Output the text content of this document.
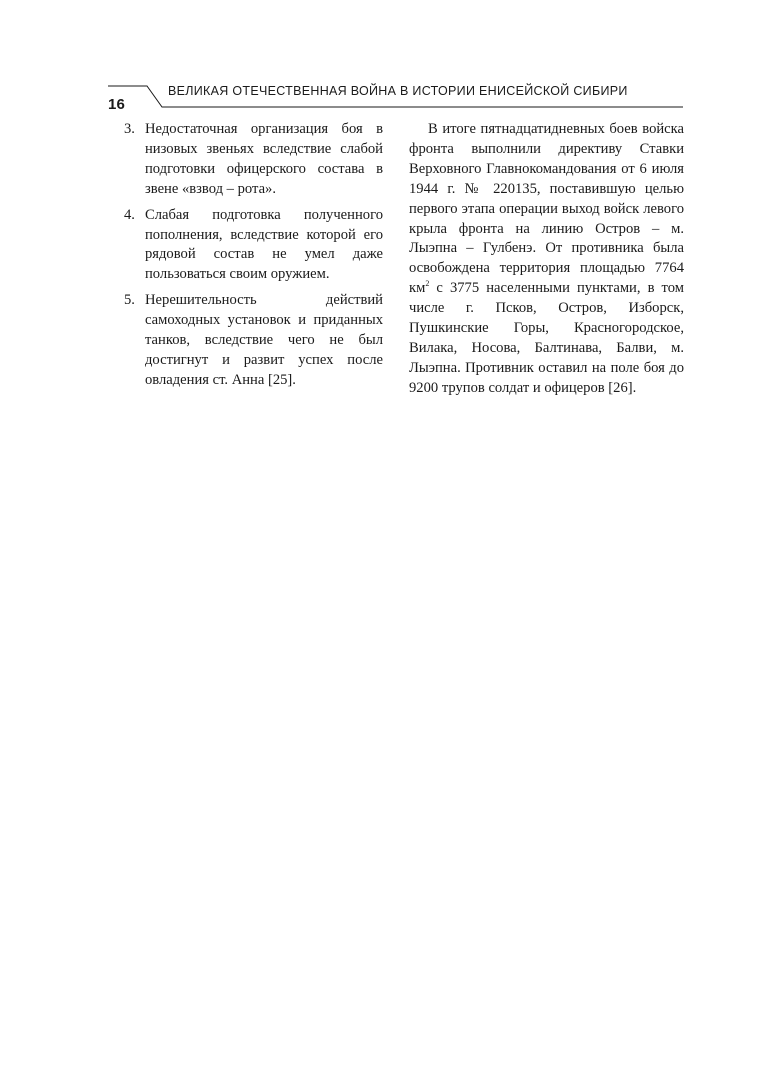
16
ВЕЛИКАЯ ОТЕЧЕСТВЕННАЯ ВОЙНА В ИСТОРИИ ЕНИСЕЙСКОЙ СИБИРИ

3. Недостаточная организация боя в низовых звеньях вследствие слабой подготовки офицерского состава в звене «взвод – рота».

4. Слабая подготовка полученного пополнения, вследствие которой его рядовой состав не умел даже пользоваться своим оружием.

5. Нерешительность действий самоходных установок и приданных танков, вследствие чего не был достигнут и развит успех после овладения ст. Анна [25].

В итоге пятнадцатидневных боев войска фронта выполнили директиву Ставки Верховного Главнокомандования от 6 июля 1944 г. № 220135, поставившую целью первого этапа операции выход войск левого крыла фронта на линию Остров – м. Лыэпна – Гулбенэ. От противника была освобождена территория площадью 7764 $км^2$ с 3775 населенными пунктами, в том числе г. Псков, Остров, Изборск, Пушкинские Горы, Красногородское, Вилака, Носова, Балтинава, Балви, м. Лыэпна. Противник оставил на поле боя до 9200 трупов солдат и офицеров [26].
